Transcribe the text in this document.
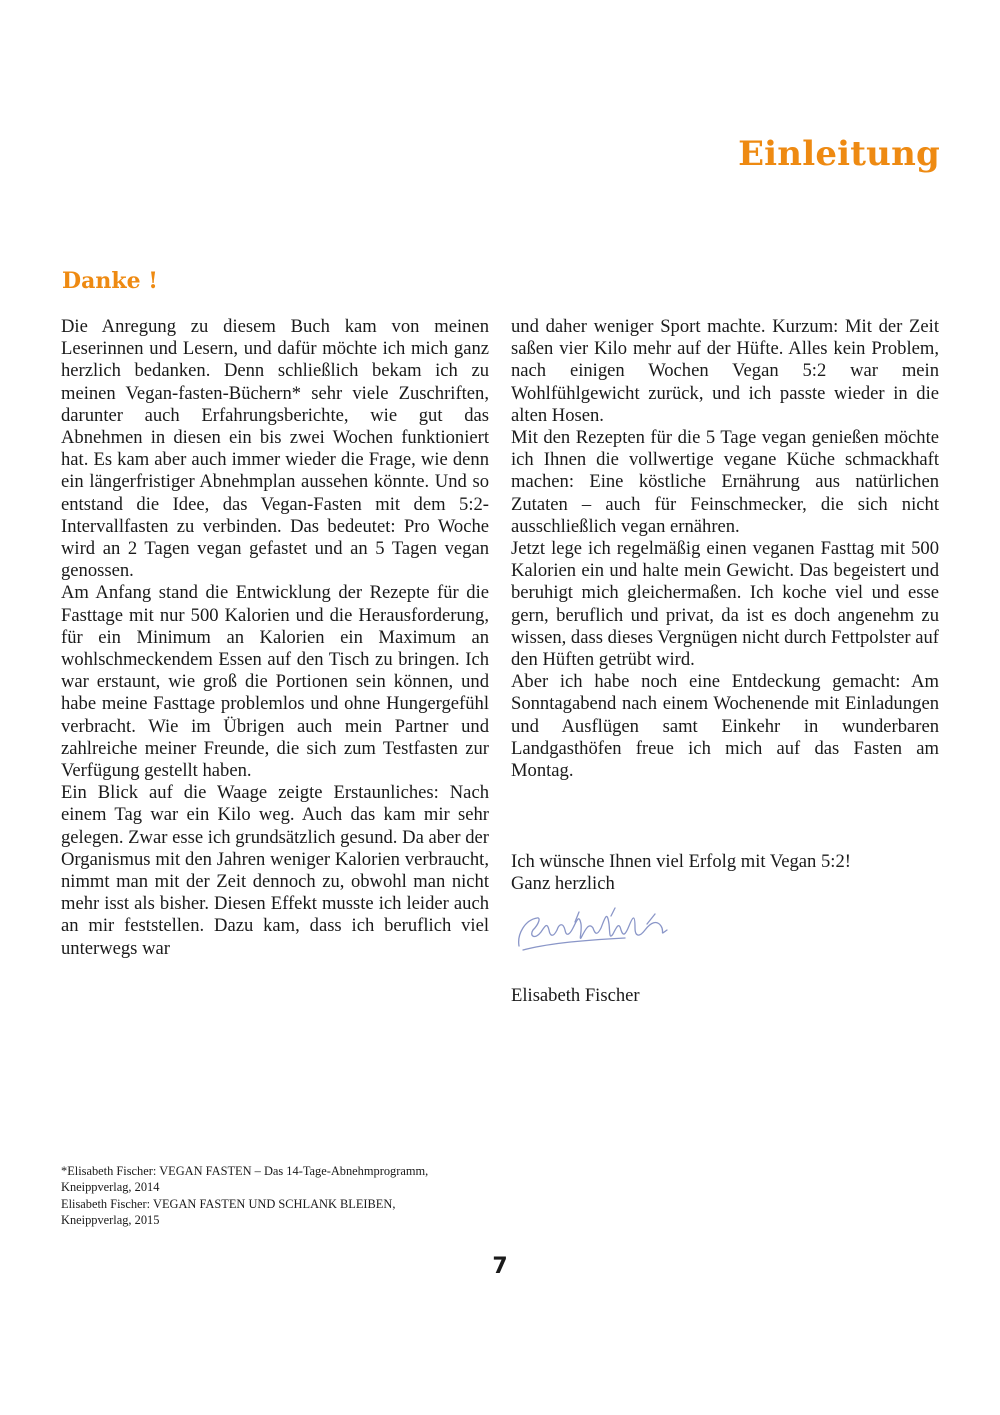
Einleitung
Danke !

Die Anregung zu diesem Buch kam von meinen Leserinnen und Lesern, und dafür möchte ich mich ganz herzlich bedanken. Denn schließlich bekam ich zu meinen Vegan-fasten-Büchern* sehr viele Zuschriften, darunter auch Erfahrungsberichte, wie gut das Abnehmen in diesen ein bis zwei Wochen funktioniert hat. Es kam aber auch immer wieder die Frage, wie denn ein längerfristiger Abnehmplan aussehen könnte. Und so entstand die Idee, das Vegan-Fasten mit dem 5:2-Intervallfasten zu verbinden. Das bedeutet: Pro Woche wird an 2 Tagen vegan gefastet und an 5 Tagen vegan genossen.

Am Anfang stand die Entwicklung der Rezepte für die Fasttage mit nur 500 Kalorien und die Herausforderung, für ein Minimum an Kalorien ein Maximum an wohlschmeckendem Essen auf den Tisch zu bringen. Ich war erstaunt, wie groß die Portionen sein können, und habe meine Fasttage problemlos und ohne Hungergefühl verbracht. Wie im Übrigen auch mein Partner und zahlreiche meiner Freunde, die sich zum Testfasten zur Verfügung gestellt haben.

Ein Blick auf die Waage zeigte Erstaunliches: Nach einem Tag war ein Kilo weg. Auch das kam mir sehr gelegen. Zwar esse ich grundsätzlich gesund. Da aber der Organismus mit den Jahren weniger Kalorien verbraucht, nimmt man mit der Zeit dennoch zu, obwohl man nicht mehr isst als bisher. Diesen Effekt musste ich leider auch an mir feststellen. Dazu kam, dass ich beruflich viel unterwegs war

und daher weniger Sport machte. Kurzum: Mit der Zeit saßen vier Kilo mehr auf der Hüfte. Alles kein Problem, nach einigen Wochen Vegan 5:2 war mein Wohlfühlgewicht zurück, und ich passte wieder in die alten Hosen.

Mit den Rezepten für die 5 Tage vegan genießen möchte ich Ihnen die vollwertige vegane Küche schmackhaft machen: Eine köstliche Ernährung aus natürlichen Zutaten – auch für Feinschmecker, die sich nicht ausschließlich vegan ernähren.

Jetzt lege ich regelmäßig einen veganen Fasttag mit 500 Kalorien ein und halte mein Gewicht. Das begeistert und beruhigt mich gleichermaßen. Ich koche viel und esse gern, beruflich und privat, da ist es doch angenehm zu wissen, dass dieses Vergnügen nicht durch Fettpolster auf den Hüften getrübt wird.

Aber ich habe noch eine Entdeckung gemacht: Am Sonntagabend nach einem Wochenende mit Einladungen und Ausflügen samt Einkehr in wunderbaren Landgasthöfen freue ich mich auf das Fasten am Montag.

Ich wünsche Ihnen viel Erfolg mit Vegan 5:2!

Ganz herzlich

Elisabeth Fischer

*Elisabeth Fischer: VEGAN FASTEN – Das 14-Tage-Abnehmprogramm,

Kneippverlag, 2014

Elisabeth Fischer: VEGAN FASTEN UND SCHLANK BLEIBEN,

Kneippverlag, 2015

7
